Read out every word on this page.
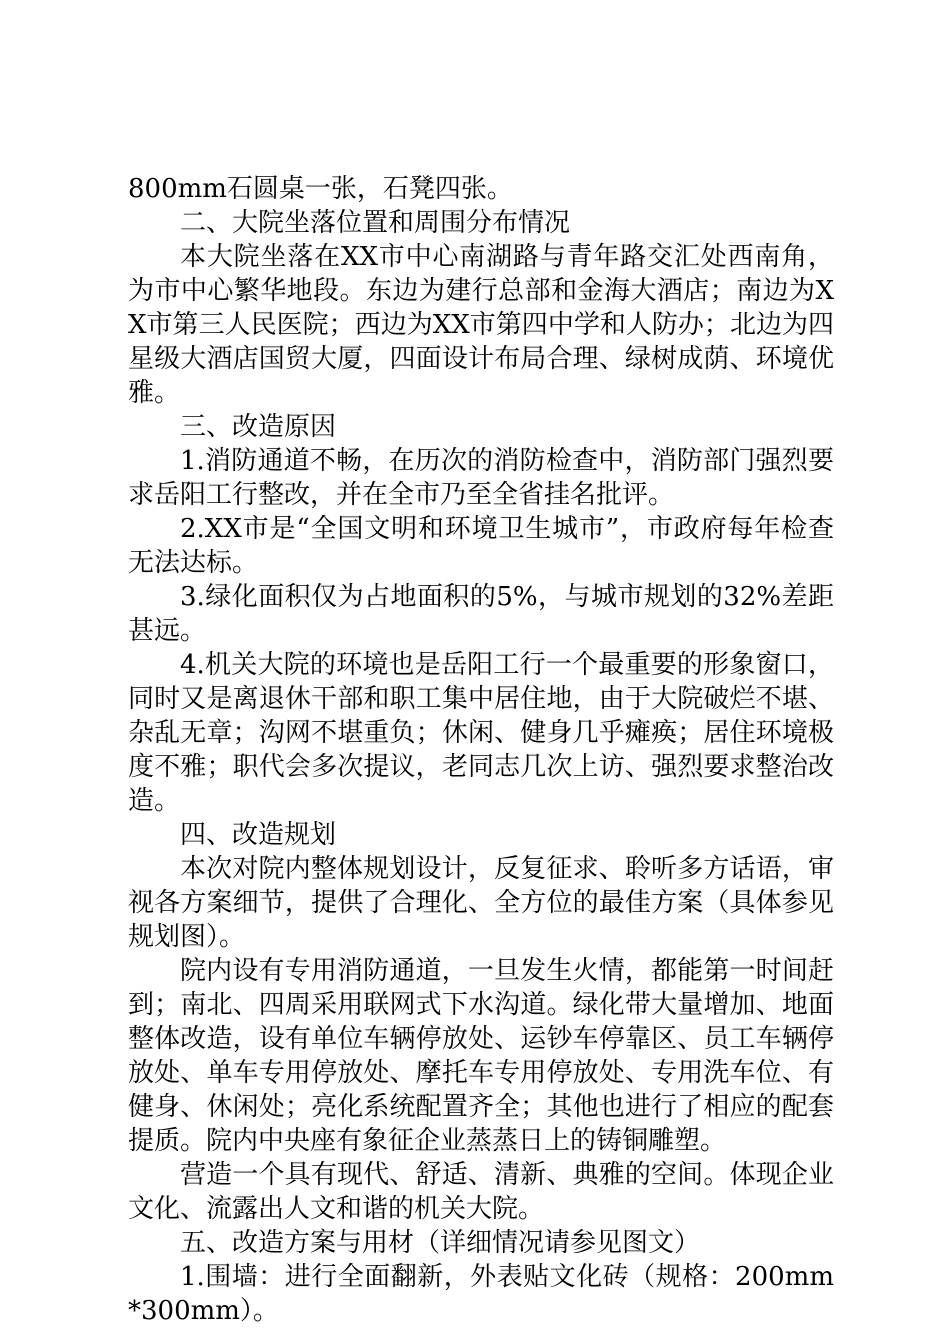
800mm石圆桌一张，石凳四张。

二、大院坐落位置和周围分布情况

本大院坐落在XX市中心南湖路与青年路交汇处西南角，为市中心繁华地段。东边为建行总部和金海大酒店；南边为XX市第三人民医院；西边为XX市第四中学和人防办；北边为四星级大酒店国贸大厦，四面设计布局合理、绿树成荫、环境优雅。

三、改造原因

1.消防通道不畅，在历次的消防检查中，消防部门强烈要求岳阳工行整改，并在全市乃至全省挂名批评。

2.XX市是“全国文明和环境卫生城市”，市政府每年检查无法达标。

3.绿化面积仅为占地面积的5%，与城市规划的32%差距甚远。

4.机关大院的环境也是岳阳工行一个最重要的形象窗口，同时又是离退休干部和职工集中居住地，由于大院破烂不堪、杂乱无章；沟网不堪重负；休闲、健身几乎瘫痪；居住环境极度不雅；职代会多次提议，老同志几次上访、强烈要求整治改造。

四、改造规划

本次对院内整体规划设计，反复征求、聆听多方话语，审视各方案细节，提供了合理化、全方位的最佳方案（具体参见规划图）。

院内设有专用消防通道，一旦发生火情，都能第一时间赶到；南北、四周采用联网式下水沟道。绿化带大量增加、地面整体改造，设有单位车辆停放处、运钞车停靠区、员工车辆停放处、单车专用停放处、摩托车专用停放处、专用洗车位、有健身、休闲处；亮化系统配置齐全；其他也进行了相应的配套提质。院内中央座有象征企业蒸蒸日上的铸铜雕塑。

营造一个具有现代、舒适、清新、典雅的空间。体现企业文化、流露出人文和谐的机关大院。

五、改造方案与用材（详细情况请参见图文）

1.围墙：进行全面翻新，外表贴文化砖（规格：200mm*300mm）。
